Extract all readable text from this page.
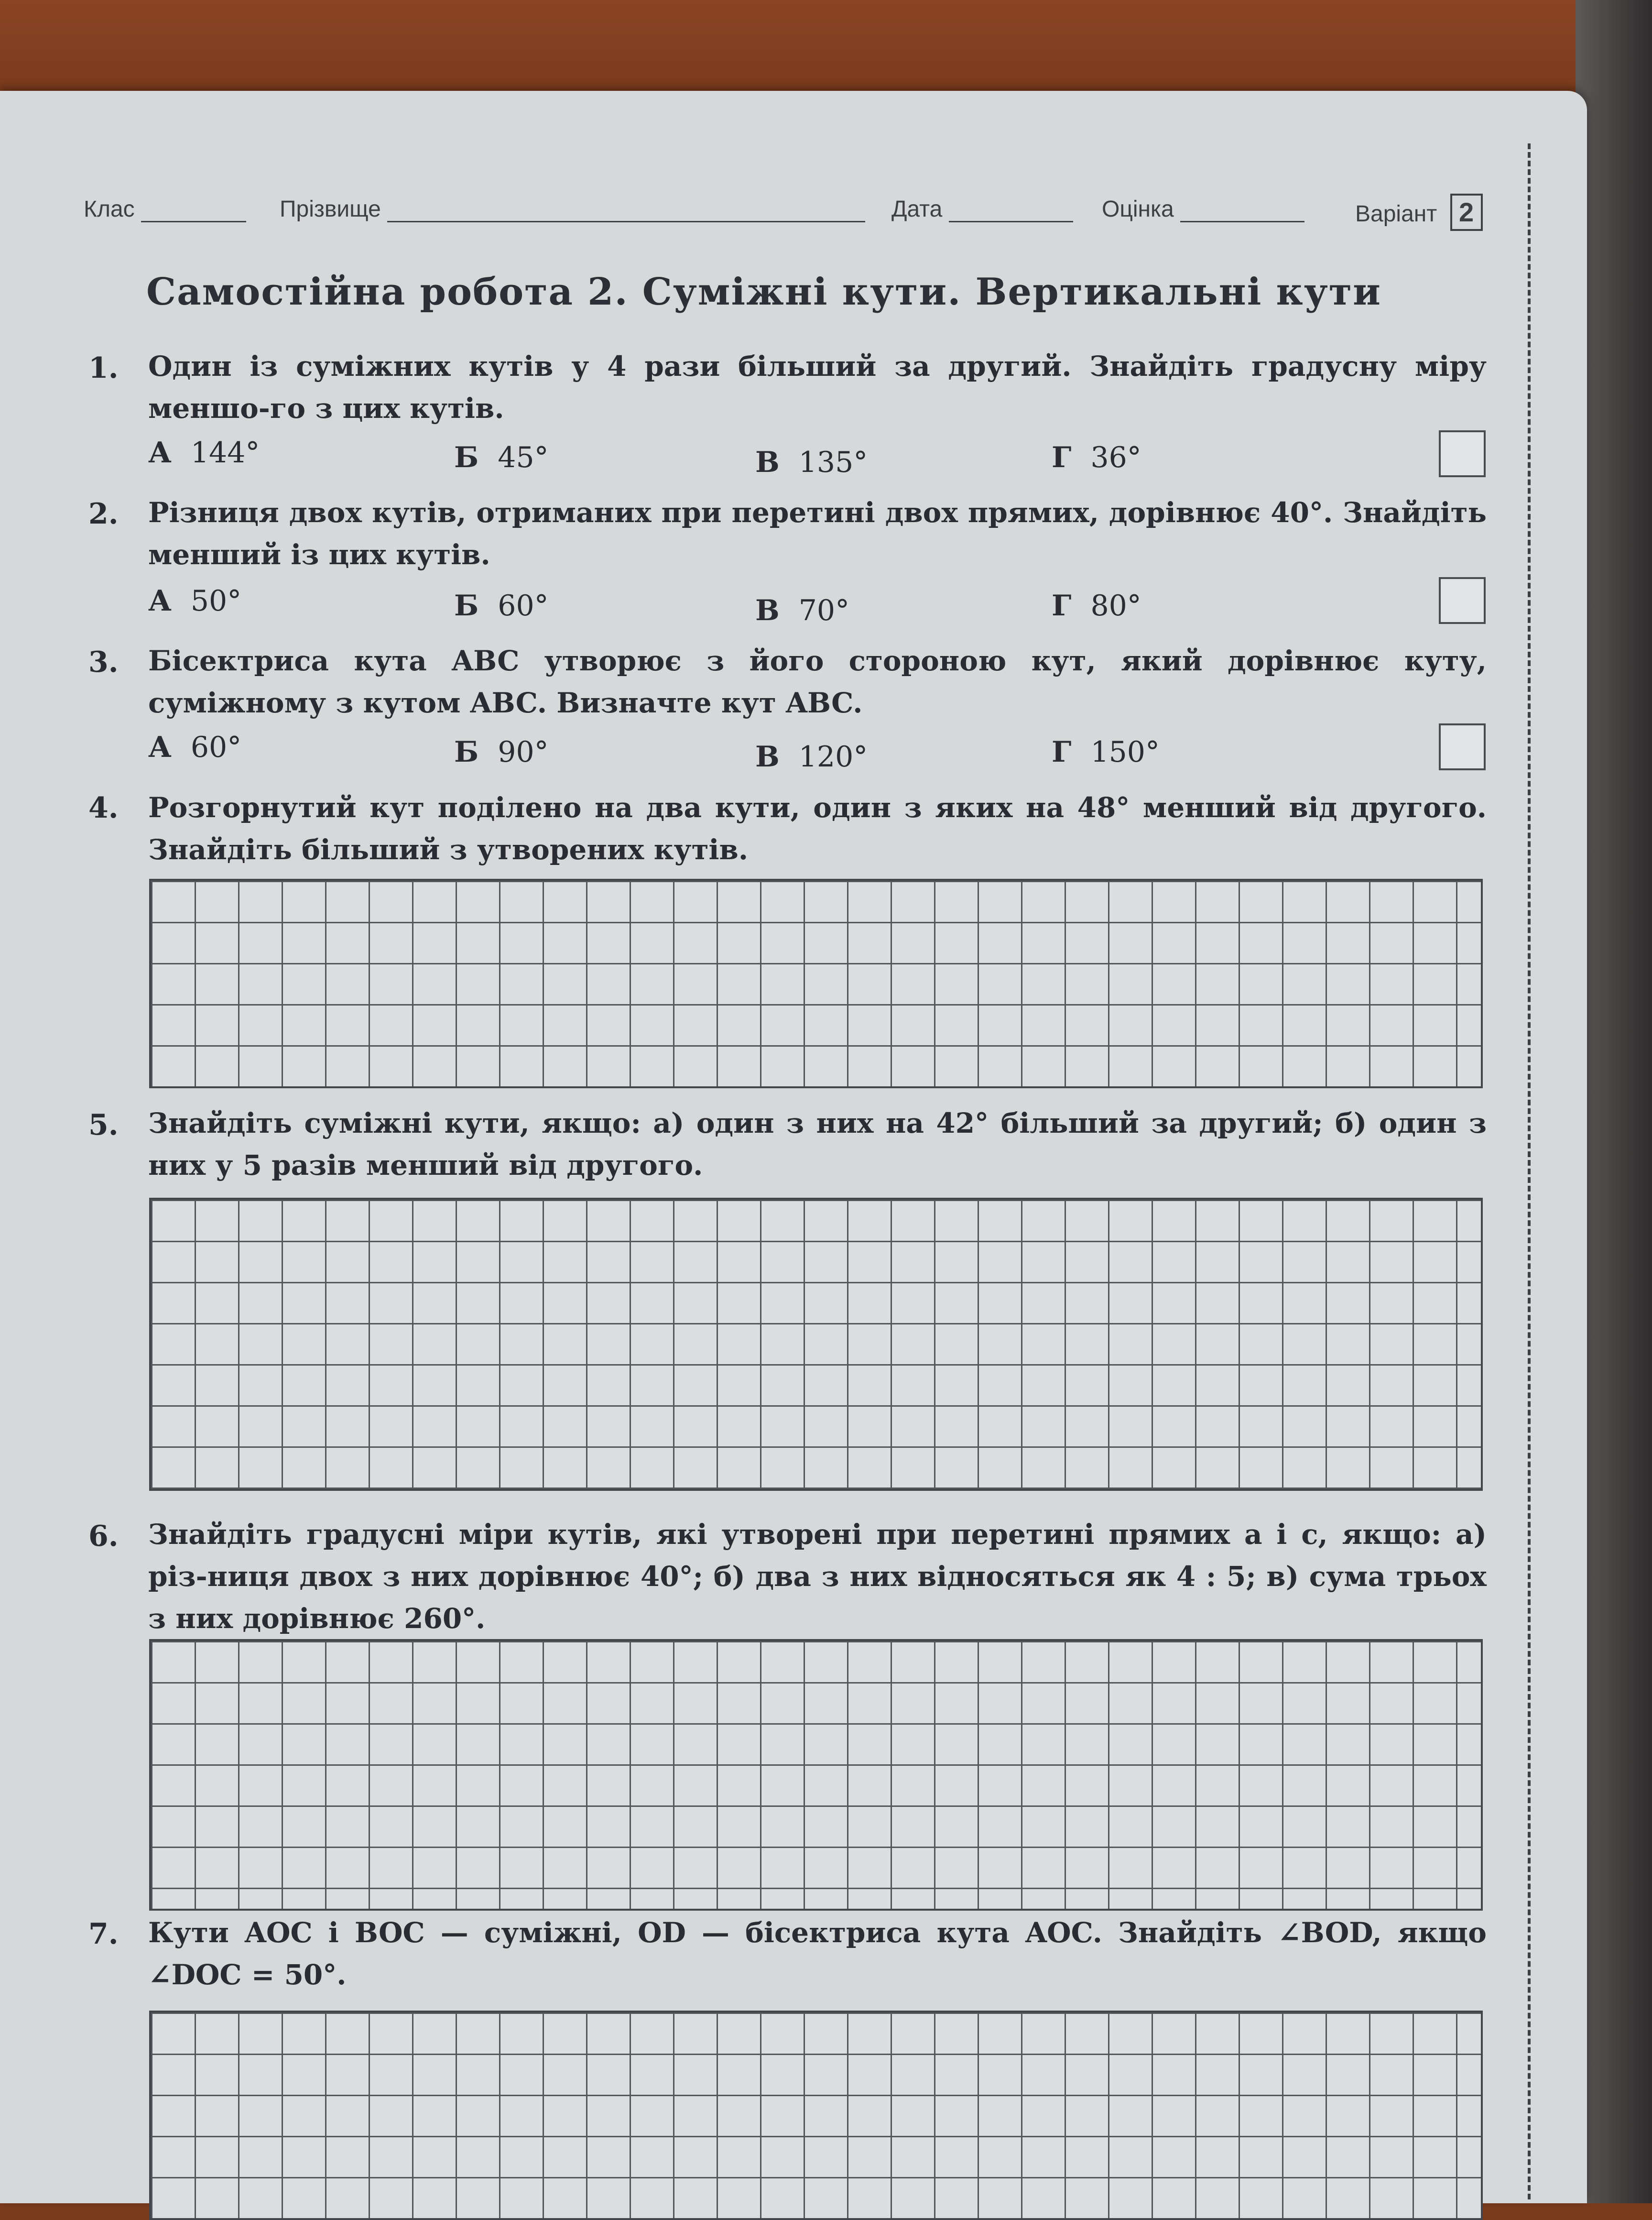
Клас	Прізвище	Дата	Оцінка	Варіант 2
Самостійна робота 2. Суміжні кути. Вертикальні кути
1. Один із суміжних кутів у 4 рази більший за другий. Знайдіть градусну міру меншо-го з цих кутів.
А 144°	Б 45°	В 135°	Г 36°
2. Різниця двох кутів, отриманих при перетині двох прямих, дорівнює 40°. Знайдіть менший із цих кутів.
А 50°	Б 60°	В 70°	Г 80°
3. Бісектриса кута ABC утворює з його стороною кут, який дорівнює куту, суміжному з кутом ABC. Визначте кут ABC.
А 60°	Б 90°	В 120°	Г 150°
4. Розгорнутий кут поділено на два кути, один з яких на 48° менший від другого. Знайдіть більший з утворених кутів.
5. Знайдіть суміжні кути, якщо: а) один з них на 42° більший за другий; б) один з них у 5 разів менший від другого.
6. Знайдіть градусні міри кутів, які утворені при перетині прямих a і c, якщо: а) різ-ниця двох з них дорівнює 40°; б) два з них відносяться як 4 : 5; в) сума трьох з них дорівнює 260°.
7. Кути AOC і BOC — суміжні, OD — бісектриса кута AOC. Знайдіть ∠BOD, якщо ∠DOC = 50°.
